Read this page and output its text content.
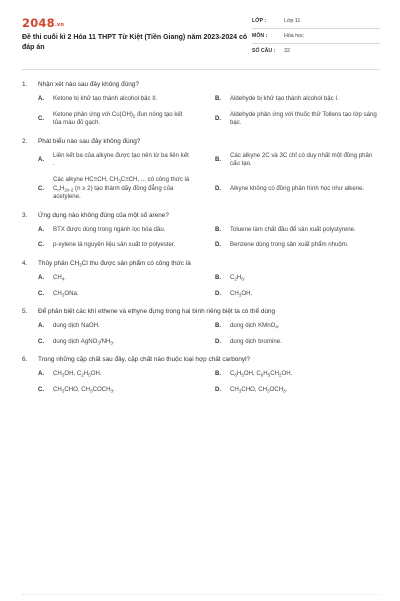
2048.vn
Đề thi cuối kì 2 Hóa 11 THPT Từ Kiệt (Tiền Giang) năm 2023-2024 có đáp án
LỚP :	Lớp 11
MÔN :	Hóa học
SỐ CÂU :	32
1.	Nhận xét nào sau đây không đúng?
A.	Ketone bị khử tạo thành alcohol bậc II.	B.	Aldehyde bị khử tạo thành alcohol bậc I.
C.
Ketone phản ứng với $Cu(OH)_2$ đun nóng tạo kết tủa màu đỏ gạch.
D.
Aldehyde phản ứng với thuốc thử Tollens tạo lớp sáng bạc.
2.	Phát biểu nào sau đây không đúng?
A.
Liên kết ba của alkyne được tạo nên từ ba liên kết .
B.
Các alkyne 2C và 3C chỉ có duy nhất một đồng phân cấu tạo.
C.
Các alkyne HC≡CH, $CH_3C\equiv CH$, ... có công thức là $C_nH_{2n-2}$ (n ≥ 2) tạo thành dãy đồng đẳng của acetylene.
D.	Alkyne không có đồng phân hình học như alkene.
3.	Ứng dụng nào không đúng của một số arene?
A.	BTX được dùng trong ngành lọc hóa dầu.	B.	Toluene làm chất đầu để sản xuất polystyrene.
C.	p-xylene là nguyên liệu sản xuất tơ polyester.	D.	Benzene dùng trong sản xuất phẩm nhuộm.
4.	Thủy phân $CH_3Cl$ thu được sản phẩm có công thức là
A.	$CH_4$.	B.	$C_2H_6$.
C.	$CH_3ONa$.	D.	$CH_3OH$.
5.	Để phân biệt các khí ethene và ethyne đựng trong hai bình riêng biệt ta có thể dùng
A.	dung dịch NaOH.	B.	dung dịch KMnO$_4$.
C.	dung dịch $AgNO_3/NH_3$.	D.	dung dịch bromine.
6.	Trong những cặp chất sau đây, cặp chất nào thuộc loại hợp chất carbonyl?
A.	$CH_3OH$, $C_2H_5OH$.	B.	$C_6H_5OH$, $C_6H_5CH_2OH$.
C.	$CH_3CHO$, $CH_3COCH_3$.	D.	$CH_3CHO$, $CH_3OCH_3$.
